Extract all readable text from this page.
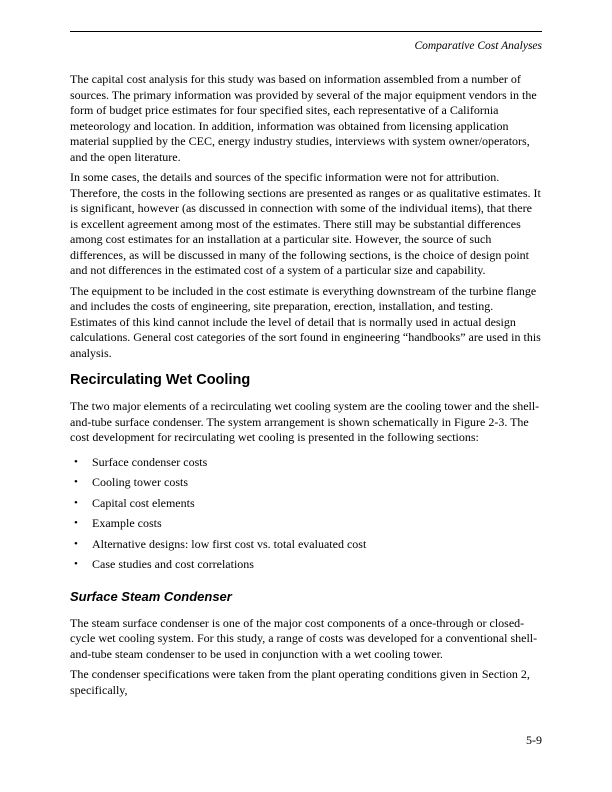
Comparative Cost Analyses

The capital cost analysis for this study was based on information assembled from a number of sources. The primary information was provided by several of the major equipment vendors in the form of budget price estimates for four specified sites, each representative of a California meteorology and location. In addition, information was obtained from licensing application material supplied by the CEC, energy industry studies, interviews with system owner/operators, and the open literature.

In some cases, the details and sources of the specific information were not for attribution. Therefore, the costs in the following sections are presented as ranges or as qualitative estimates. It is significant, however (as discussed in connection with some of the individual items), that there is excellent agreement among most of the estimates. There still may be substantial differences among cost estimates for an installation at a particular site. However, the source of such differences, as will be discussed in many of the following sections, is the choice of design point and not differences in the estimated cost of a system of a particular size and capability.

The equipment to be included in the cost estimate is everything downstream of the turbine flange and includes the costs of engineering, site preparation, erection, installation, and testing. Estimates of this kind cannot include the level of detail that is normally used in actual design calculations. General cost categories of the sort found in engineering “handbooks” are used in this analysis.

Recirculating Wet Cooling

The two major elements of a recirculating wet cooling system are the cooling tower and the shell-and-tube surface condenser. The system arrangement is shown schematically in Figure 2-3. The cost development for recirculating wet cooling is presented in the following sections:

• Surface condenser costs
• Cooling tower costs
• Capital cost elements
• Example costs
• Alternative designs: low first cost vs. total evaluated cost
• Case studies and cost correlations
Surface Steam Condenser

The steam surface condenser is one of the major cost components of a once-through or closed-cycle wet cooling system. For this study, a range of costs was developed for a conventional shell-and-tube steam condenser to be used in conjunction with a wet cooling tower.

The condenser specifications were taken from the plant operating conditions given in Section 2, specifically,

5-9
